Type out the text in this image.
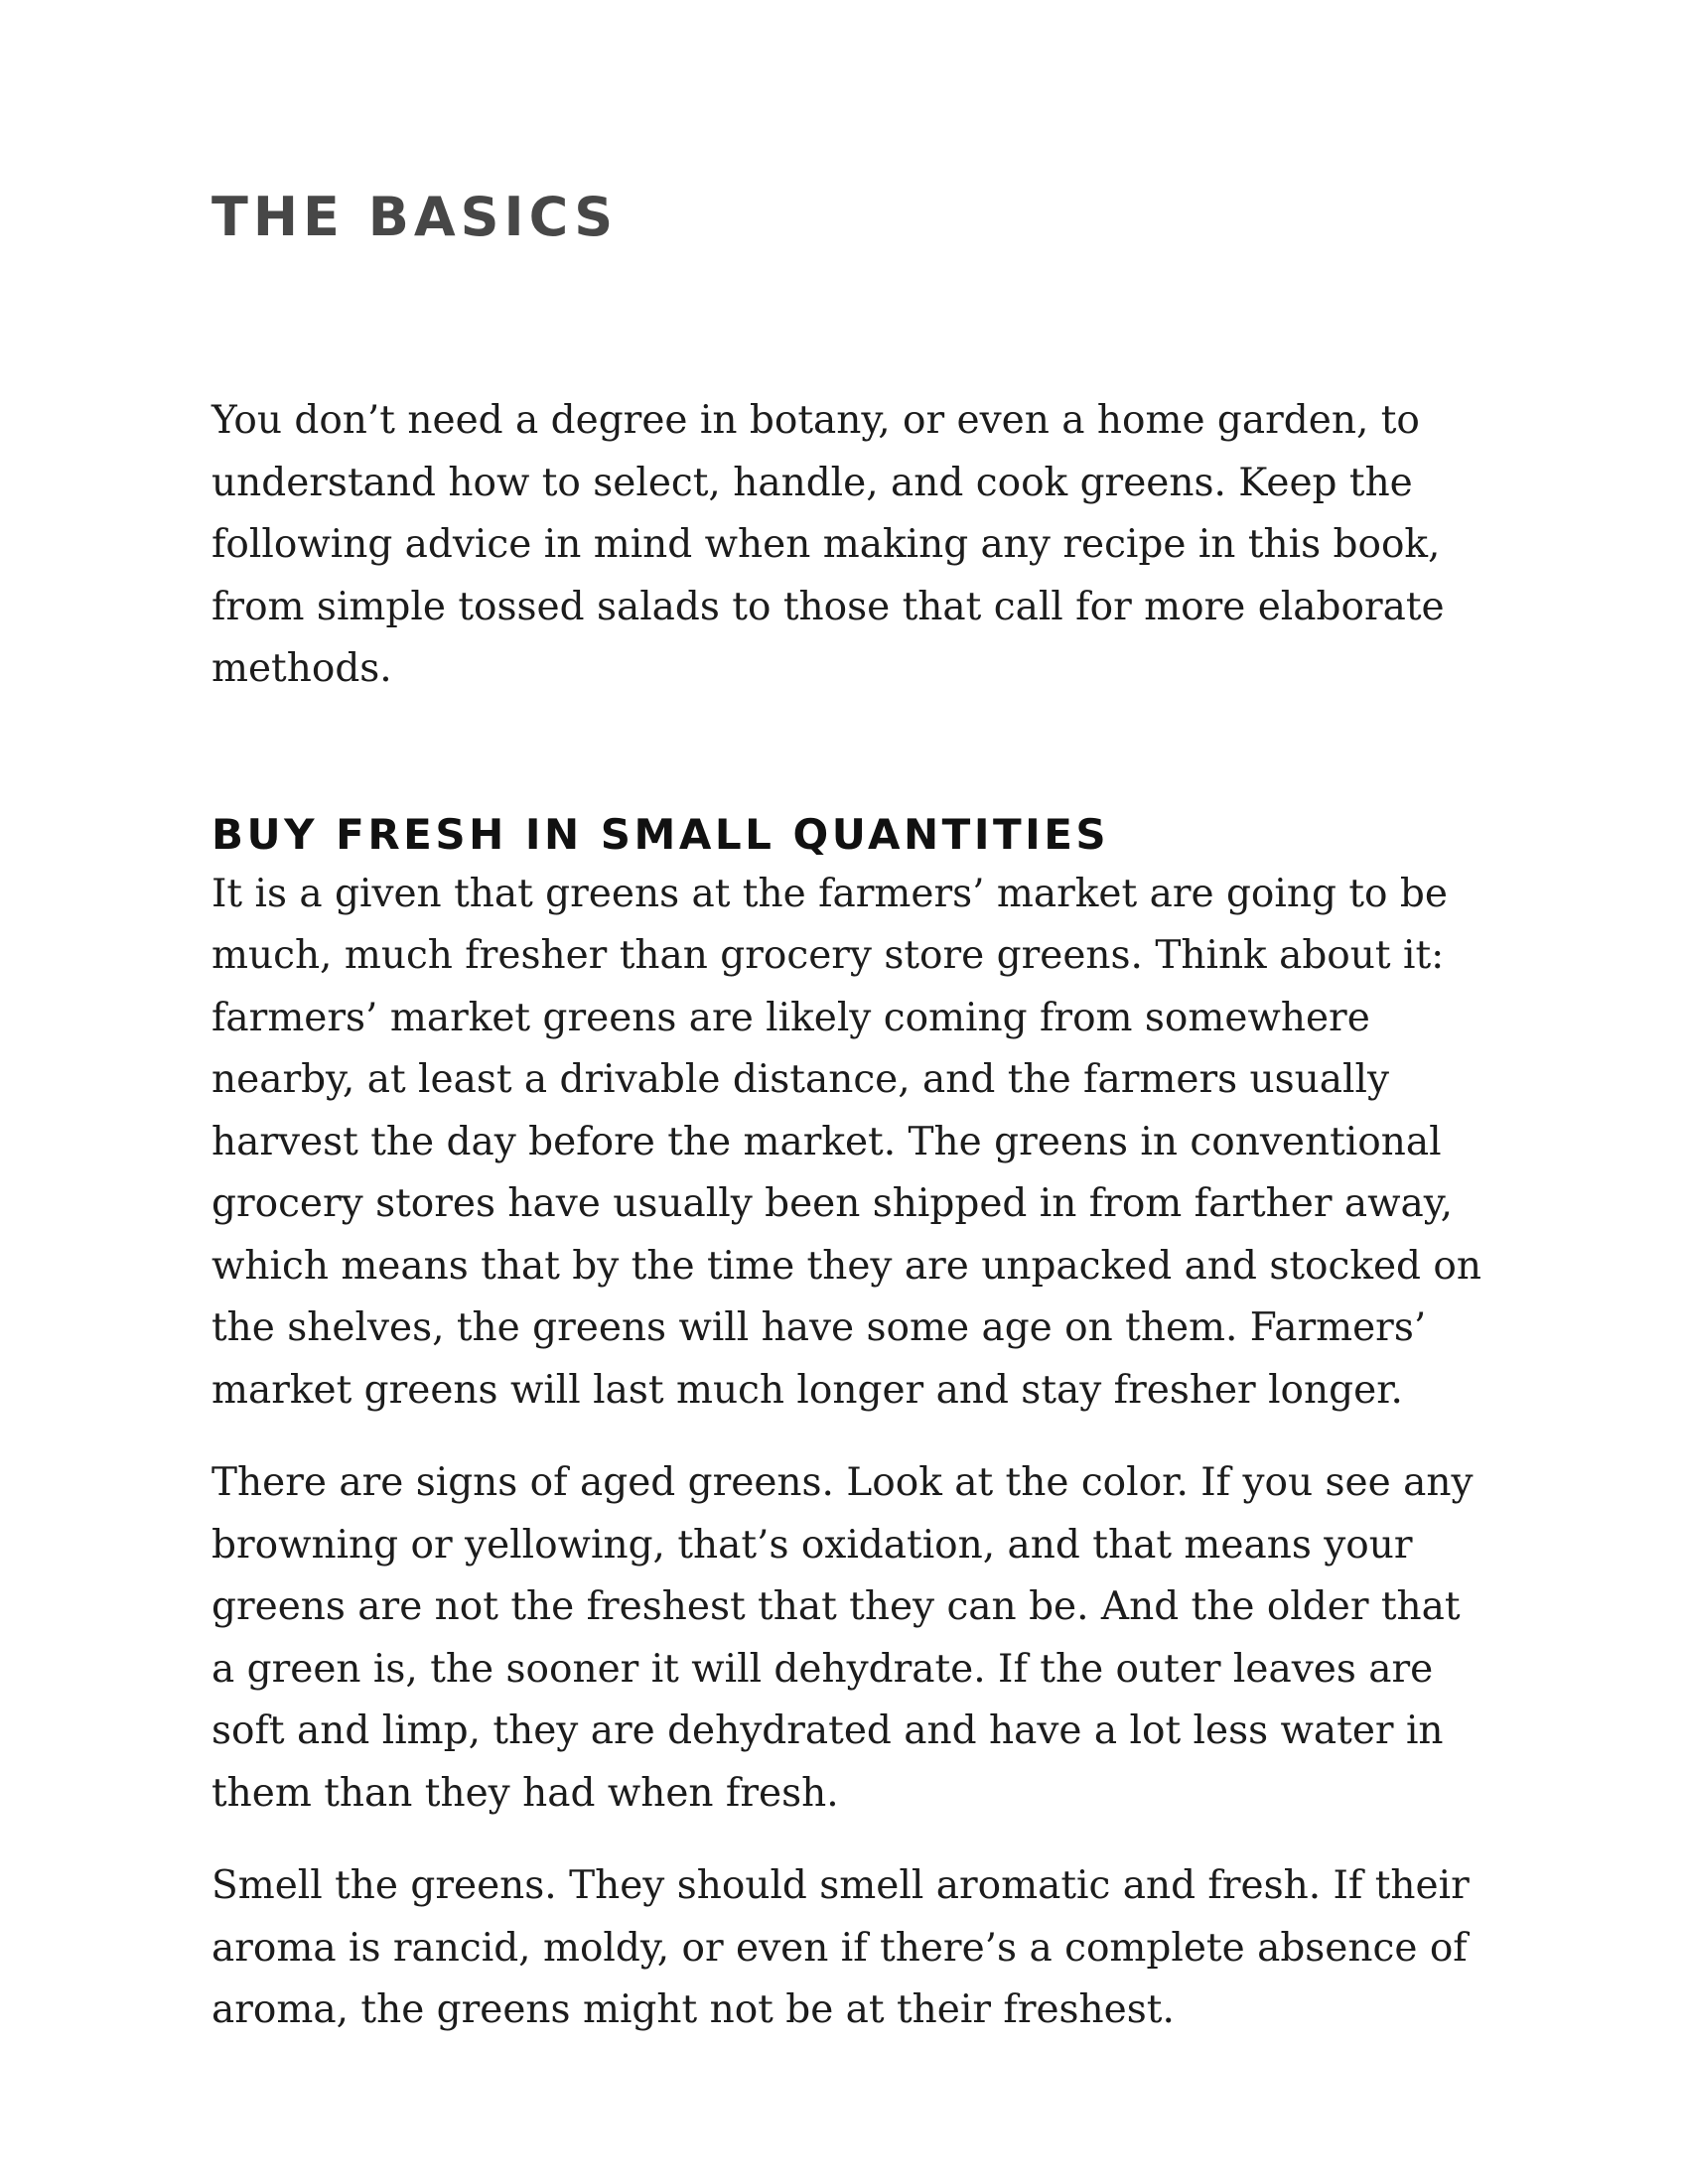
THE BASICS

You don’t need a degree in botany, or even a home garden, to understand how to select, handle, and cook greens. Keep the following advice in mind when making any recipe in this book, from simple tossed salads to those that call for more elaborate methods.

BUY FRESH IN SMALL QUANTITIES

It is a given that greens at the farmers’ market are going to be much, much fresher than grocery store greens. Think about it: farmers’ market greens are likely coming from somewhere nearby, at least a drivable distance, and the farmers usually harvest the day before the market. The greens in conventional grocery stores have usually been shipped in from farther away, which means that by the time they are unpacked and stocked on the shelves, the greens will have some age on them. Farmers’ market greens will last much longer and stay fresher longer.

There are signs of aged greens. Look at the color. If you see any browning or yellowing, that’s oxidation, and that means your greens are not the freshest that they can be. And the older that a green is, the sooner it will dehydrate. If the outer leaves are soft and limp, they are dehydrated and have a lot less water in them than they had when fresh.

Smell the greens. They should smell aromatic and fresh. If their aroma is rancid, moldy, or even if there’s a complete absence of aroma, the greens might not be at their freshest.
